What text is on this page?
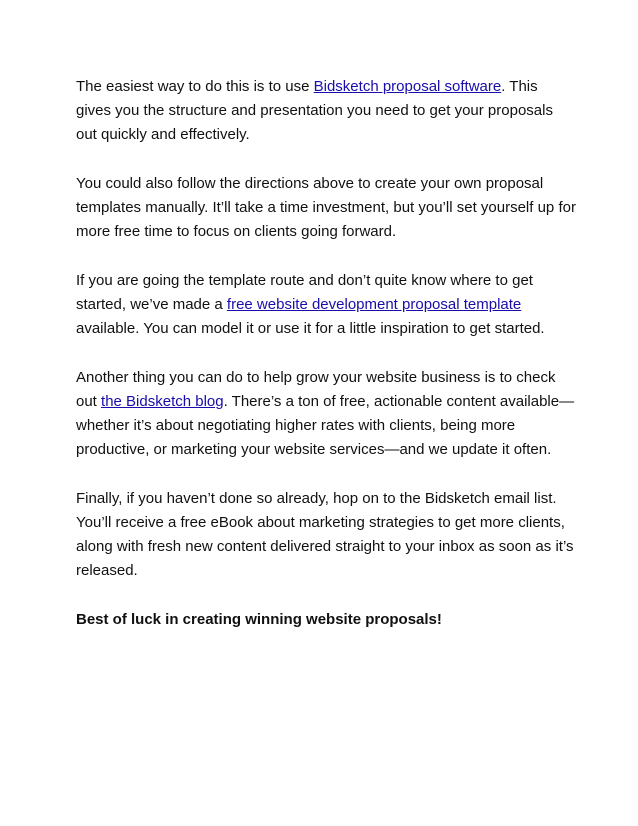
The easiest way to do this is to use Bidsketch proposal software. This gives you the structure and presentation you need to get your proposals out quickly and effectively.

You could also follow the directions above to create your own proposal templates manually. It’ll take a time investment, but you’ll set yourself up for more free time to focus on clients going forward.

If you are going the template route and don’t quite know where to get started, we’ve made a free website development proposal template available. You can model it or use it for a little inspiration to get started.

Another thing you can do to help grow your website business is to check out the Bidsketch blog. There’s a ton of free, actionable content available—whether it’s about negotiating higher rates with clients, being more productive, or marketing your website services—and we update it often.

Finally, if you haven’t done so already, hop on to the Bidsketch email list. You’ll receive a free eBook about marketing strategies to get more clients, along with fresh new content delivered straight to your inbox as soon as it’s released.

Best of luck in creating winning website proposals!
